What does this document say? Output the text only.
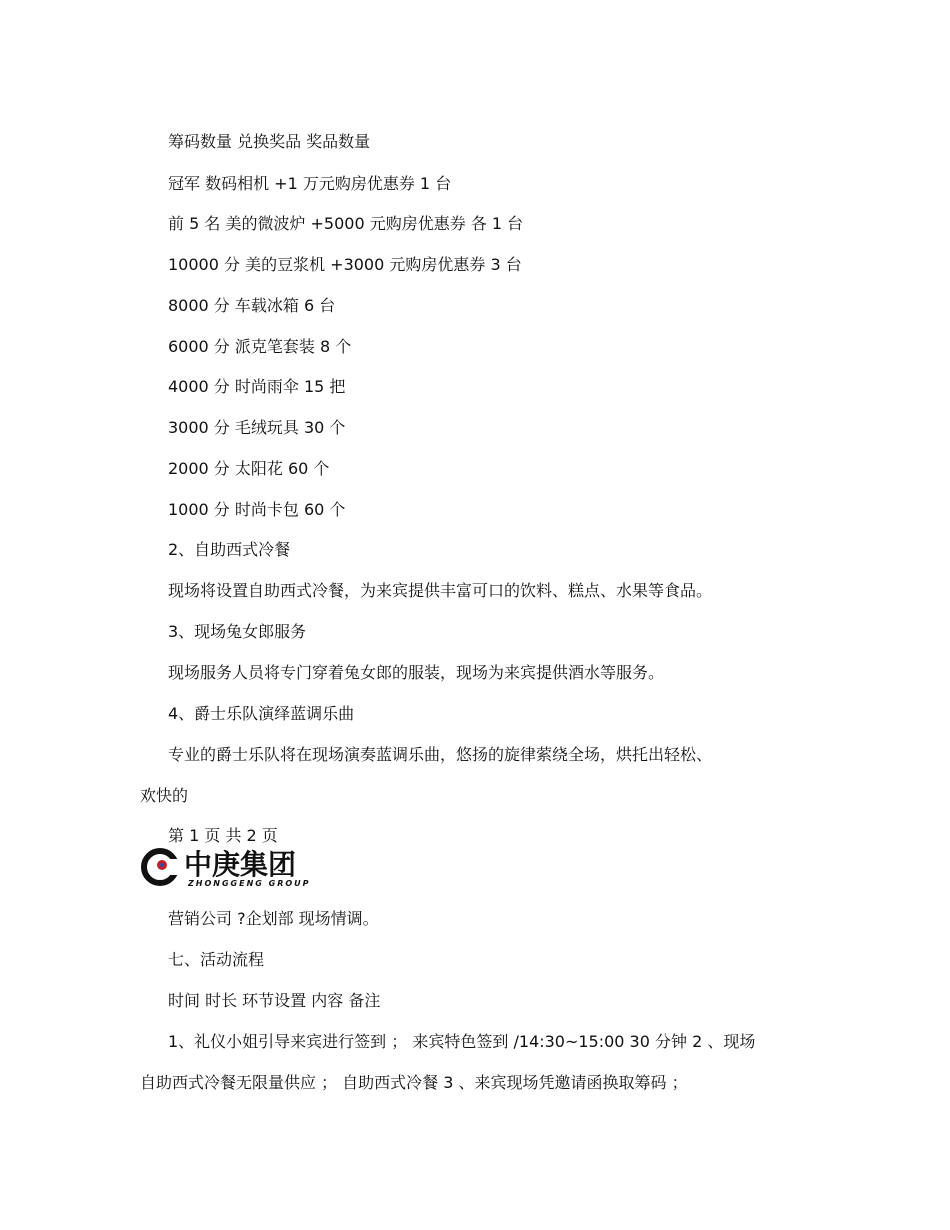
筹码数量 兑换奖品 奖品数量

冠军 数码相机 +1 万元购房优惠券 1 台

前 5 名 美的微波炉 +5000 元购房优惠券 各 1 台

10000 分 美的豆浆机 +3000 元购房优惠券 3 台

8000 分 车载冰箱 6 台

6000 分 派克笔套装 8 个

4000 分 时尚雨伞 15 把

3000 分 毛绒玩具 30 个

2000 分 太阳花 60 个

1000 分 时尚卡包 60 个

2、自助西式冷餐

现场将设置自助西式冷餐，为来宾提供丰富可口的饮料、糕点、水果等食品。

3、现场兔女郎服务

现场服务人员将专门穿着兔女郎的服装，现场为来宾提供酒水等服务。

4、爵士乐队演绎蓝调乐曲

专业的爵士乐队将在现场演奏蓝调乐曲，悠扬的旋律萦绕全场，烘托出轻松、

欢快的

第 1 页 共 2 页

中庚集团
ZHONGGENG GROUP

营销公司 ?企划部 现场情调。

七、活动流程

时间 时长 环节设置 内容 备注

1、礼仪小姐引导来宾进行签到 ； 来宾特色签到 /14:30~15:00 30 分钟 2 、现场

自助西式冷餐无限量供应 ； 自助西式冷餐 3 、来宾现场凭邀请函换取筹码 ；
